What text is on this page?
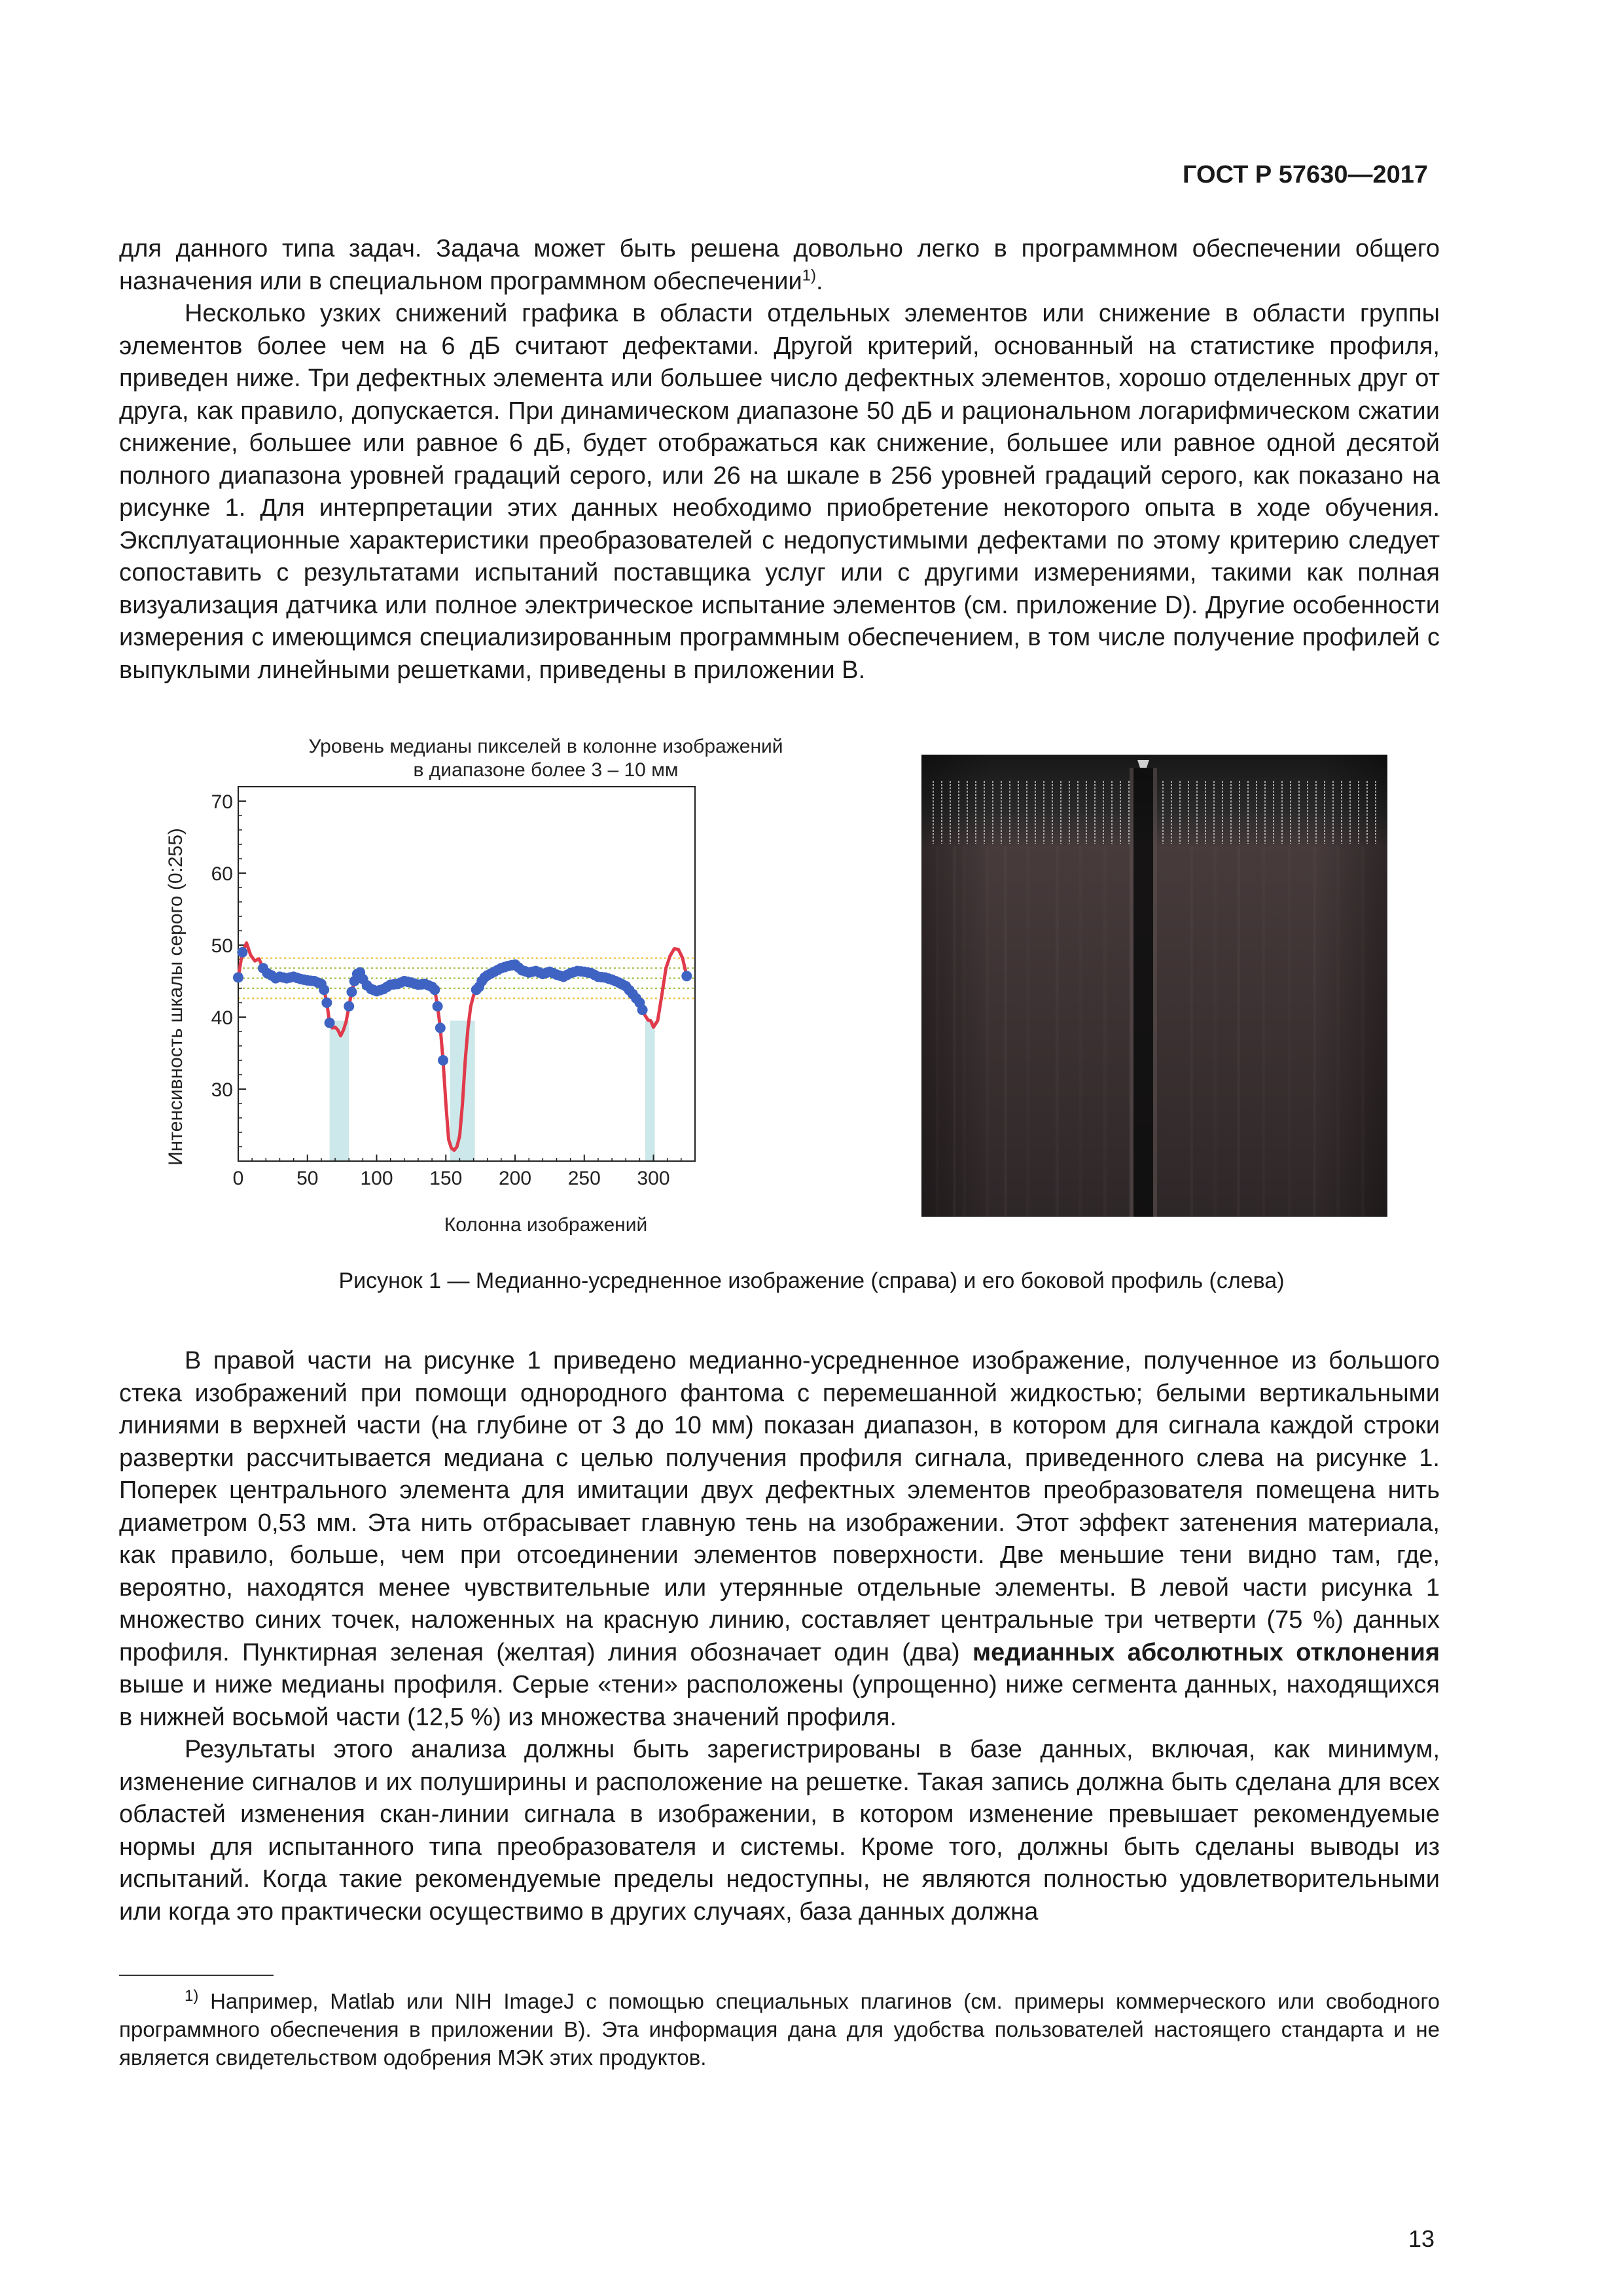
ГОСТ Р 57630—2017

для данного типа задач. Задача может быть решена довольно легко в программном обеспечении общего назначения или в специальном программном обеспечении$^{1)}$.

Несколько узких снижений графика в области отдельных элементов или снижение в области группы элементов более чем на 6 дБ считают дефектами. Другой критерий, основанный на статистике профиля, приведен ниже. Три дефектных элемента или большее число дефектных элементов, хорошо отделенных друг от друга, как правило, допускается. При динамическом диапазоне 50 дБ и рациональном логарифмическом сжатии снижение, большее или равное 6 дБ, будет отображаться как снижение, большее или равное одной десятой полного диапазона уровней градаций серого, или 26 на шкале в 256 уровней градаций серого, как показано на рисунке 1. Для интерпретации этих данных необходимо приобретение некоторого опыта в ходе обучения. Эксплуатационные характеристики преобразователей с недопустимыми дефектами по этому критерию следует сопоставить с результатами испытаний поставщика услуг или с другими измерениями, такими как полная визуализация датчика или полное электрическое испытание элементов (см. приложение D). Другие особенности измерения с имеющимся специализированным программным обеспечением, в том числе получение профилей с выпуклыми линейными решетками, приведены в приложении В.

Уровень медианы пикселей в колонне изображений
в диапазоне более 3 – 10 мм
Колонна изображений
Интенсивность шкалы серого (0:255)
0	50 100 150 200 250 300
30
40
50
60
70
Рисунок 1 — Медианно-усредненное изображение (справа) и его боковой профиль (слева)

В правой части на рисунке 1 приведено медианно-усредненное изображение, полученное из большого стека изображений при помощи однородного фантома с перемешанной жидкостью; белыми вертикальными линиями в верхней части (на глубине от 3 до 10 мм) показан диапазон, в котором для сигнала каждой строки развертки рассчитывается медиана с целью получения профиля сигнала, приведенного слева на рисунке 1. Поперек центрального элемента для имитации двух дефектных элементов преобразователя помещена нить диаметром 0,53 мм. Эта нить отбрасывает главную тень на изображении. Этот эффект затенения материала, как правило, больше, чем при отсоединении элементов поверхности. Две меньшие тени видно там, где, вероятно, находятся менее чувствительные или утерянные отдельные элементы. В левой части рисунка 1 множество синих точек, наложенных на красную линию, составляет центральные три четверти (75 %) данных профиля. Пунктирная зеленая (желтая) линия обозначает один (два) медианных абсолютных отклонения выше и ниже медианы профиля. Серые «тени» расположены (упрощенно) ниже сегмента данных, находящихся в нижней восьмой части (12,5 %) из множества значений профиля.

Результаты этого анализа должны быть зарегистрированы в базе данных, включая, как минимум, изменение сигналов и их полуширины и расположение на решетке. Такая запись должна быть сделана для всех областей изменения скан-линии сигнала в изображении, в котором изменение превышает рекомендуемые нормы для испытанного типа преобразователя и системы. Кроме того, должны быть сделаны выводы из испытаний. Когда такие рекомендуемые пределы недоступны, не являются полностью удовлетворительными или когда это практически осуществимо в других случаях, база данных должна

$^{1)}$ Например, Matlab или NIH ImageJ с помощью специальных плагинов (см. примеры коммерческого или свободного программного обеспечения в приложении В). Эта информация дана для удобства пользователей настоящего стандарта и не является свидетельством одобрения МЭК этих продуктов.
13
